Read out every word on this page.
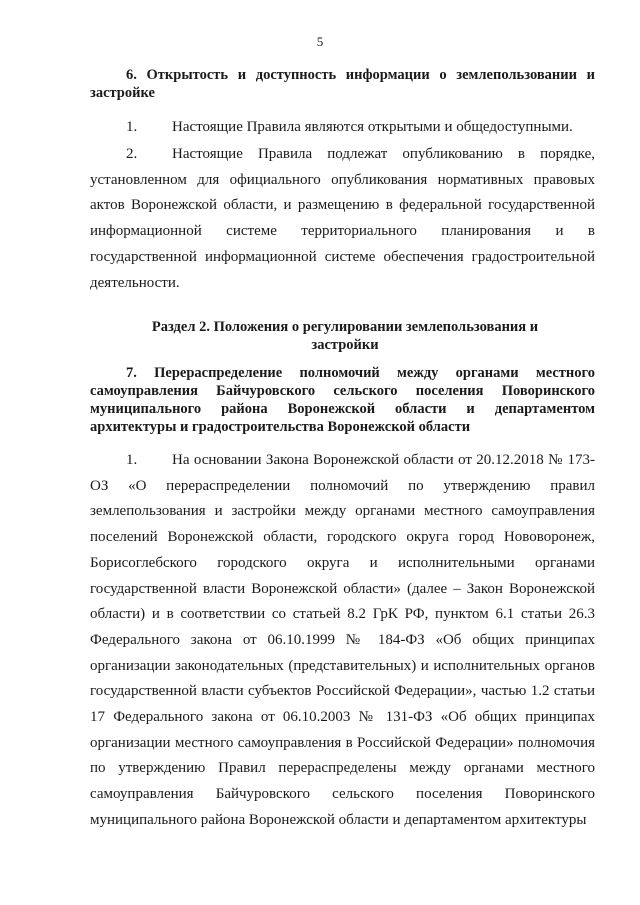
5
6. Открытость и доступность информации о землепользовании и застройке
1. Настоящие Правила являются открытыми и общедоступными.
2. Настоящие Правила подлежат опубликованию в порядке, установленном для официального опубликования нормативных правовых актов Воронежской области, и размещению в федеральной государственной информационной системе территориального планирования и в государственной информационной системе обеспечения градостроительной деятельности.
Раздел 2. Положения о регулировании землепользования и застройки
7. Перераспределение полномочий между органами местного самоуправления Байчуровского сельского поселения Поворинского муниципального района Воронежской области и департаментом архитектуры и градостроительства Воронежской области
1. На основании Закона Воронежской области от 20.12.2018 № 173-ОЗ «О перераспределении полномочий по утверждению правил землепользования и застройки между органами местного самоуправления поселений Воронежской области, городского округа город Нововоронеж, Борисоглебского городского округа и исполнительными органами государственной власти Воронежской области» (далее – Закон Воронежской области) и в соответствии со статьей 8.2 ГрК РФ, пунктом 6.1 статьи 26.3 Федерального закона от 06.10.1999 № 184-ФЗ «Об общих принципах организации законодательных (представительных) и исполнительных органов государственной власти субъектов Российской Федерации», частью 1.2 статьи 17 Федерального закона от 06.10.2003 № 131-ФЗ «Об общих принципах организации местного самоуправления в Российской Федерации» полномочия по утверждению Правил перераспределены между органами местного самоуправления Байчуровского сельского поселения Поворинского муниципального района Воронежской области и департаментом архитектуры
